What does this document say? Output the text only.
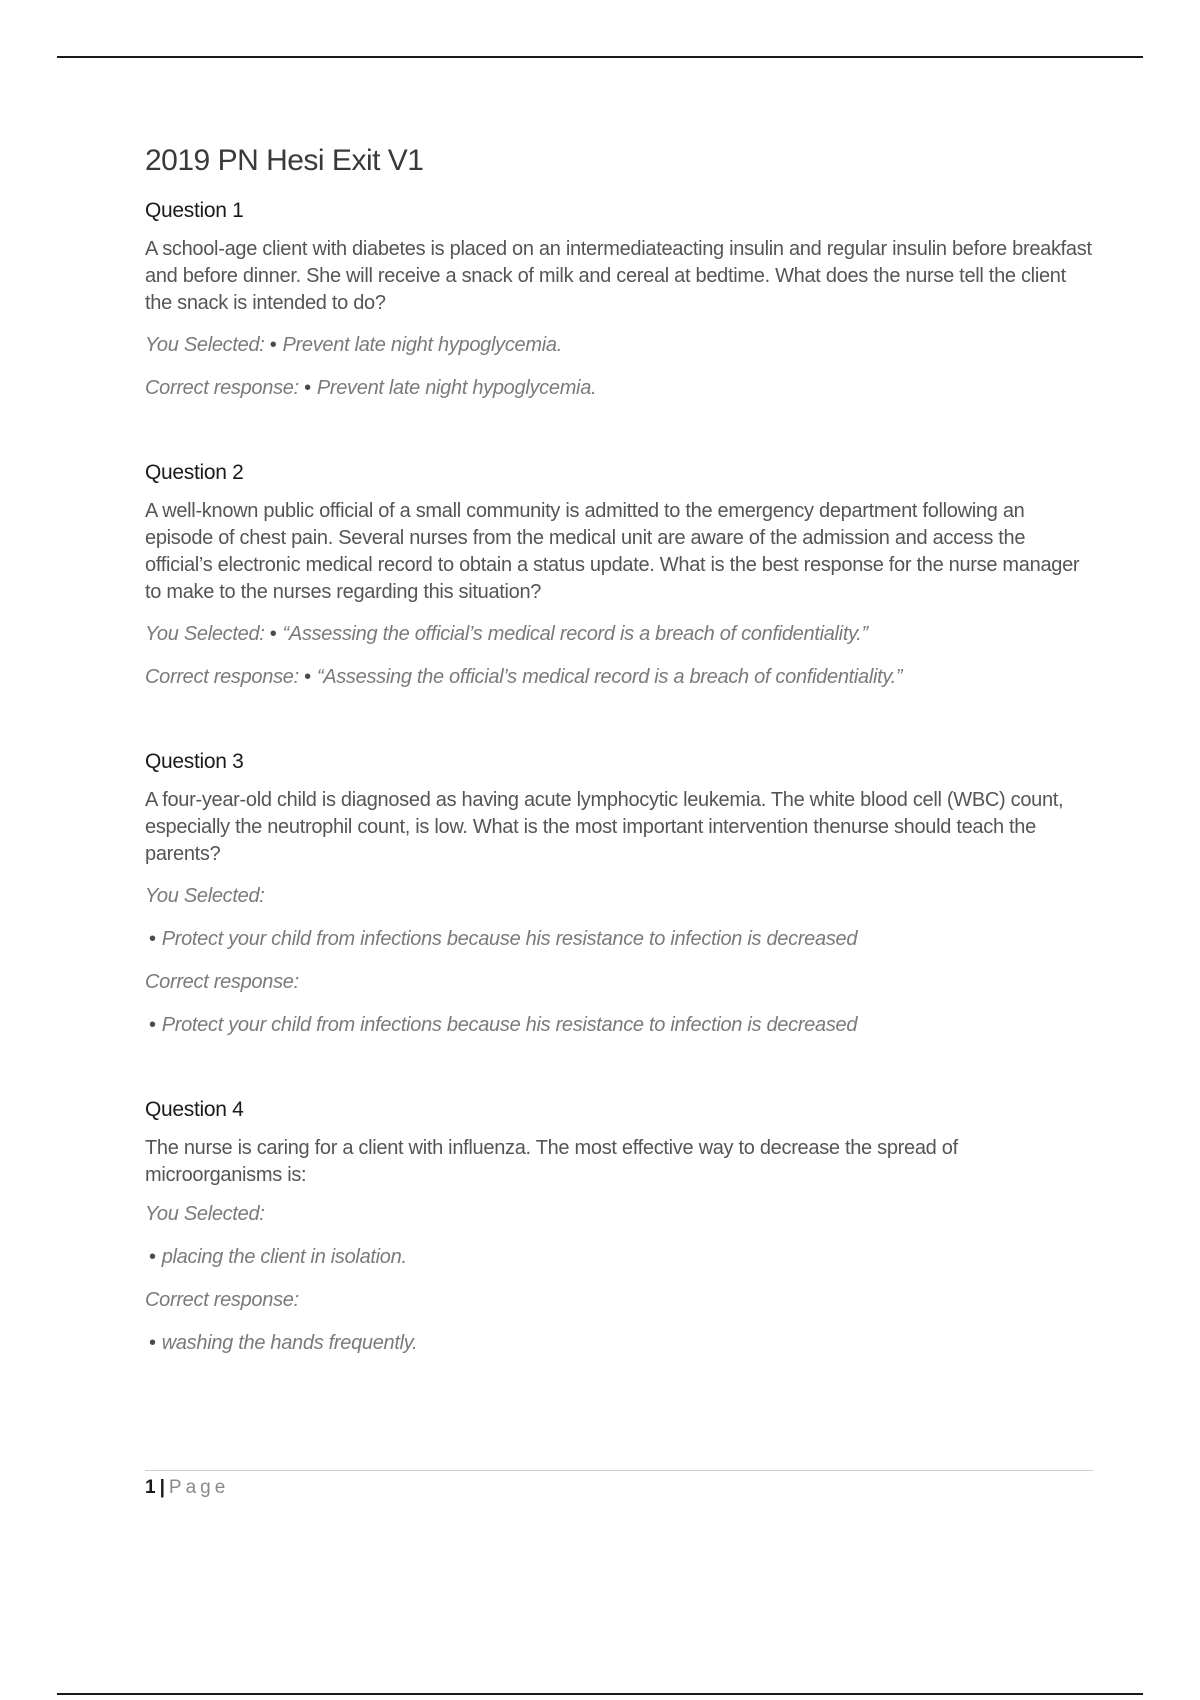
2019 PN Hesi Exit V1
Question 1
A school-age client with diabetes is placed on an intermediateacting insulin and regular insulin before breakfast and before dinner. She will receive a snack of milk and cereal at bedtime. What does the nurse tell the client the snack is intended to do?
You Selected: • Prevent late night hypoglycemia.
Correct response: • Prevent late night hypoglycemia.
Question 2
A well-known public official of a small community is admitted to the emergency department following an episode of chest pain. Several nurses from the medical unit are aware of the admission and access the official’s electronic medical record to obtain a status update. What is the best response for the nurse manager to make to the nurses regarding this situation?
You Selected: • “Assessing the official’s medical record is a breach of confidentiality.”
Correct response: • “Assessing the official’s medical record is a breach of confidentiality.”
Question 3
A four-year-old child is diagnosed as having acute lymphocytic leukemia. The white blood cell (WBC) count, especially the neutrophil count, is low. What is the most important intervention thenurse should teach the parents?
You Selected:
• Protect your child from infections because his resistance to infection is decreased
Correct response:
• Protect your child from infections because his resistance to infection is decreased
Question 4
The nurse is caring for a client with influenza. The most effective way to decrease the spread of microorganisms is:
You Selected:
• placing the client in isolation.
Correct response:
• washing the hands frequently.
1 | Page
